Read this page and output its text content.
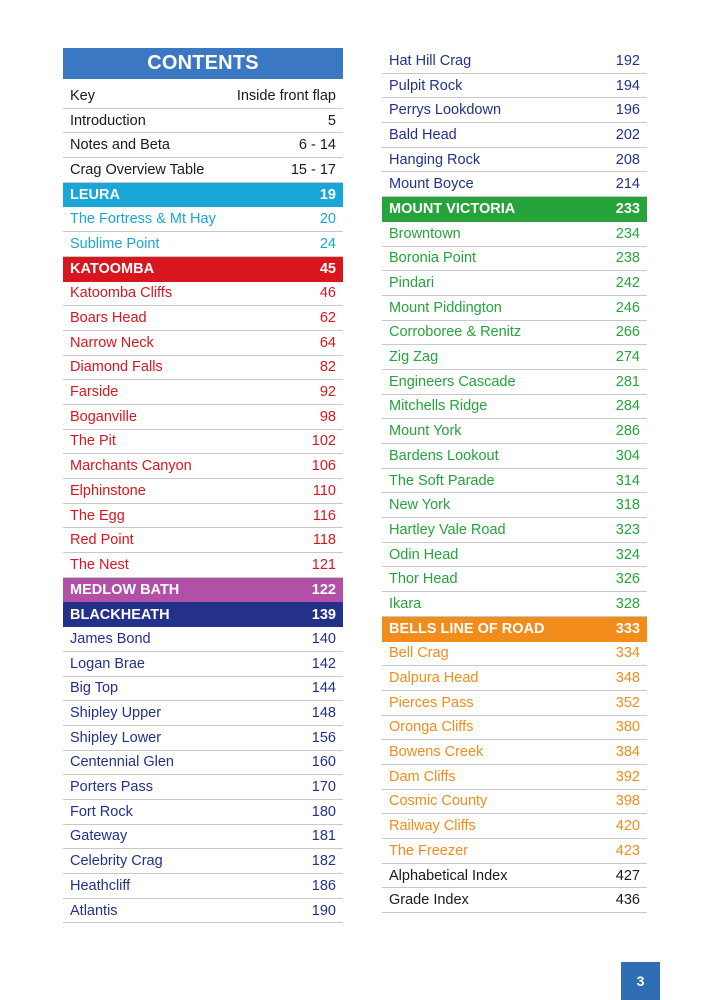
CONTENTS
Key	Inside front flap
Introduction	5
Notes and Beta	6 - 14
Crag Overview Table	15 - 17
LEURA	19
The Fortress & Mt Hay	20
Sublime Point	24
KATOOMBA	45
Katoomba Cliffs	46
Boars Head	62
Narrow Neck	64
Diamond Falls	82
Farside	92
Boganville	98
The Pit	102
Marchants Canyon	106
Elphinstone	110
The Egg	116
Red Point	118
The Nest	121
MEDLOW BATH	122
BLACKHEATH	139
James Bond	140
Logan Brae	142
Big Top	144
Shipley Upper	148
Shipley Lower	156
Centennial Glen	160
Porters Pass	170
Fort Rock	180
Gateway	181
Celebrity Crag	182
Heathcliff	186
Atlantis	190
Hat Hill Crag	192
Pulpit Rock	194
Perrys Lookdown	196
Bald Head	202
Hanging Rock	208
Mount Boyce	214
MOUNT VICTORIA	233
Browntown	234
Boronia Point	238
Pindari	242
Mount Piddington	246
Corroboree & Renitz	266
Zig Zag	274
Engineers Cascade	281
Mitchells Ridge	284
Mount York	286
Bardens Lookout	304
The Soft Parade	314
New York	318
Hartley Vale Road	323
Odin Head	324
Thor Head	326
Ikara	328
BELLS LINE OF ROAD	333
Bell Crag	334
Dalpura Head	348
Pierces Pass	352
Oronga Cliffs	380
Bowens Creek	384
Dam Cliffs	392
Cosmic County	398
Railway Cliffs	420
The Freezer	423
Alphabetical Index	427
Grade Index	436
3
